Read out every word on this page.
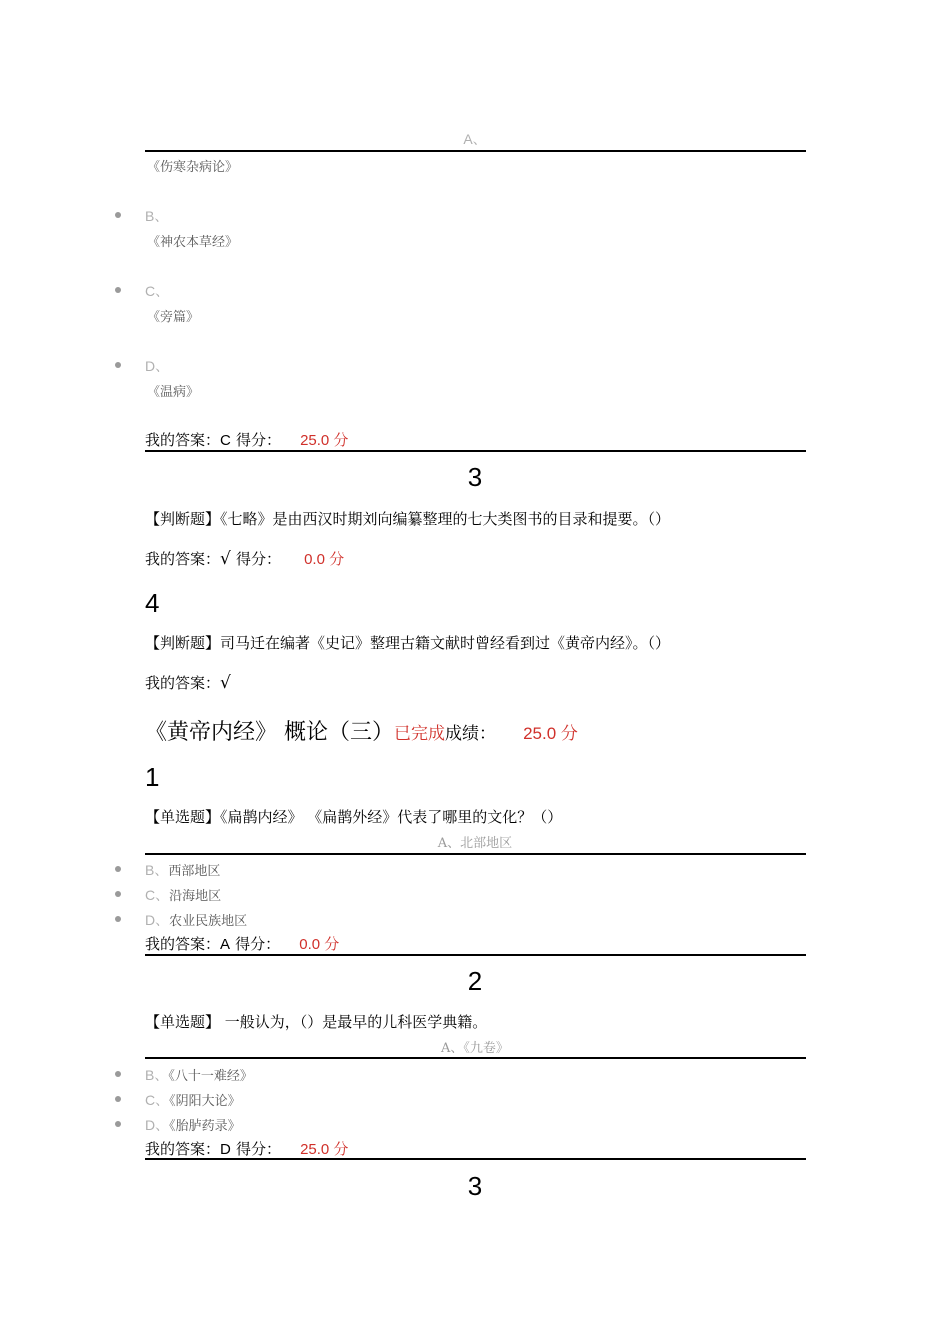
A、
《伤寒杂病论》
B、
《神农本草经》
C、
《旁篇》
D、
《温病》
我的答案：C 得分： 25.0 分
3
【判断题】《七略》是由西汉时期刘向编纂整理的七大类图书的目录和提要。（）
我的答案：√ 得分： 0.0 分
4
【判断题】司马迁在编著《史记》整理古籍文献时曾经看到过《黄帝内经》。（）
我的答案：√
《黄帝内经》 概论（三）已完成成绩： 25.0 分
1
【单选题】《扁鹊内经》 《扁鹊外经》代表了哪里的文化？（）
A、北部地区
B、西部地区
C、沿海地区
D、农业民族地区
我的答案：A 得分： 0.0 分
2
【单选题】 一般认为，（）是最早的儿科医学典籍。
A、《九卷》
B、《八十一难经》
C、《阴阳大论》
D、《胎胪药录》
我的答案：D 得分： 25.0 分
3
